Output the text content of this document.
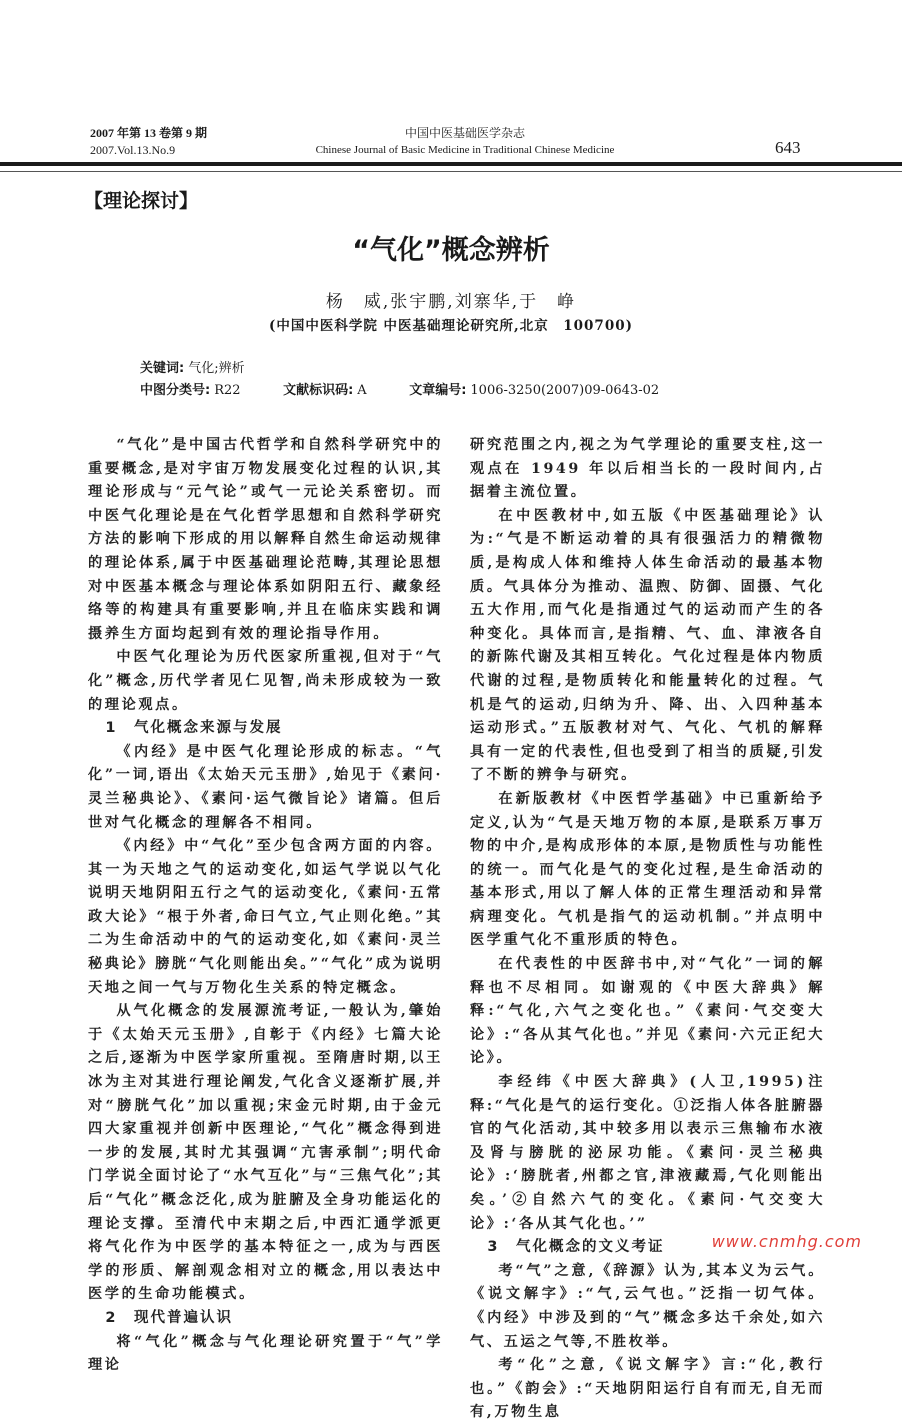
2007 年第 13 卷第 9 期
2007.Vol.13.No.9
中国中医基础医学杂志
Chinese Journal of Basic Medicine in Traditional Chinese Medicine	643
【理论探讨】
“气化”概念辨析
杨　威,张宇鹏,刘寨华,于　峥
(中国中医科学院 中医基础理论研究所,北京　100700)
关键词: 气化;辨析
中图分类号: R22	文献标识码: A	文章编号: 1006-3250(2007)09-0643-02

“气化”是中国古代哲学和自然科学研究中的重要概念,是对宇宙万物发展变化过程的认识,其理论形成与“元气论”或气一元论关系密切。而中医气化理论是在气化哲学思想和自然科学研究方法的影响下形成的用以解释自然生命运动规律的理论体系,属于中医基础理论范畴,其理论思想对中医基本概念与理论体系如阴阳五行、藏象经络等的构建具有重要影响,并且在临床实践和调摄养生方面均起到有效的理论指导作用。

中医气化理论为历代医家所重视,但对于“气化”概念,历代学者见仁见智,尚未形成较为一致的理论观点。

1　气化概念来源与发展

《内经》是中医气化理论形成的标志。“气化”一词,语出《太始天元玉册》,始见于《素问·灵兰秘典论》、《素问·运气微旨论》诸篇。但后世对气化概念的理解各不相同。

《内经》中“气化”至少包含两方面的内容。其一为天地之气的运动变化,如运气学说以气化说明天地阴阳五行之气的运动变化,《素问·五常政大论》“根于外者,命曰气立,气止则化绝。”其二为生命活动中的气的运动变化,如《素问·灵兰秘典论》膀胱“气化则能出矣。”“气化”成为说明天地之间一气与万物化生关系的特定概念。

从气化概念的发展源流考证,一般认为,肇始于《太始天元玉册》,自彰于《内经》七篇大论之后,逐渐为中医学家所重视。至隋唐时期,以王冰为主对其进行理论阐发,气化含义逐渐扩展,并对“膀胱气化”加以重视;宋金元时期,由于金元四大家重视并创新中医理论,“气化”概念得到进一步的发展,其时尤其强调“亢害承制”;明代命门学说全面讨论了“水气互化”与“三焦气化”;其后“气化”概念泛化,成为脏腑及全身功能运化的理论支撑。至清代中末期之后,中西汇通学派更将气化作为中医学的基本特征之一,成为与西医学的形质、解剖观念相对立的概念,用以表达中医学的生命功能模式。

2　现代普遍认识

将“气化”概念与气化理论研究置于“气”学理论

研究范围之内,视之为气学理论的重要支柱,这一观点在 1949 年以后相当长的一段时间内,占据着主流位置。

在中医教材中,如五版《中医基础理论》认为:“气是不断运动着的具有很强活力的精微物质,是构成人体和维持人体生命活动的最基本物质。气具体分为推动、温煦、防御、固摄、气化五大作用,而气化是指通过气的运动而产生的各种变化。具体而言,是指精、气、血、津液各自的新陈代谢及其相互转化。气化过程是体内物质代谢的过程,是物质转化和能量转化的过程。气机是气的运动,归纳为升、降、出、入四种基本运动形式。”五版教材对气、气化、气机的解释具有一定的代表性,但也受到了相当的质疑,引发了不断的辨争与研究。

在新版教材《中医哲学基础》中已重新给予定义,认为“气是天地万物的本原,是联系万事万物的中介,是构成形体的本原,是物质性与功能性的统一。而气化是气的变化过程,是生命活动的基本形式,用以了解人体的正常生理活动和异常病理变化。气机是指气的运动机制。”并点明中医学重气化不重形质的特色。

在代表性的中医辞书中,对“气化”一词的解释也不尽相同。如谢观的《中医大辞典》解释:“气化,六气之变化也。”《素问·气交变大论》:“各从其气化也。”并见《素问·六元正纪大论》。

李经纬《中医大辞典》(人卫,1995)注释:“气化是气的运行变化。①泛指人体各脏腑器官的气化活动,其中较多用以表示三焦输布水液及肾与膀胱的泌尿功能。《素问·灵兰秘典论》:‘膀胱者,州都之官,津液藏焉,气化则能出矣。’②自然六气的变化。《素问·气交变大论》:‘各从其气化也。’”

3　气化概念的文义考证

考“气”之意,《辞源》认为,其本义为云气。《说文解字》:“气,云气也。”泛指一切气体。《内经》中涉及到的“气”概念多达千余处,如六气、五运之气等,不胜枚举。

考“化”之意,《说文解字》言:“化,教行也。”《韵会》:“天地阴阳运行自有而无,自无而有,万物生息

www.cnmhg.com
